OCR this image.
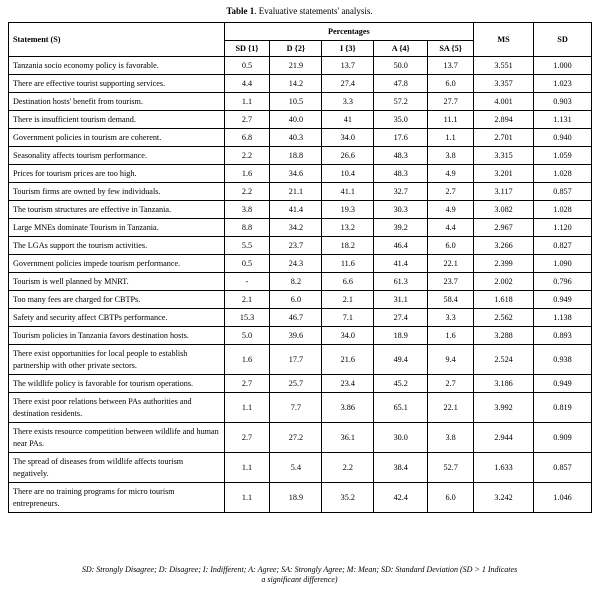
Table 1. Evaluative statements' analysis.
Statement (S)	Percentages					MS	SD
	SD {1}	D {2}	I {3}	A {4}	SA {5}		
Tanzania socio economy policy is favorable.	0.5	21.9	13.7	50.0	13.7	3.551	1.000
There are effective tourist supporting services.	4.4	14.2	27.4	47.8	6.0	3.357	1.023
Destination hosts' benefit from tourism.	1.1	10.5	3.3	57.2	27.7	4.001	0.903
There is insufficient tourism demand.	2.7	40.0	41	35.0	11.1	2.894	1.131
Government policies in tourism are coherent.	6.8	40.3	34.0	17.6	1.1	2.701	0.940
Seasonality affects tourism performance.	2.2	18.8	26.6	48.3	3.8	3.315	1.059
Prices for tourism prices are too high.	1.6	34.6	10.4	48.3	4.9	3.201	1.028
Tourism firms are owned by few individuals.	2.2	21.1	41.1	32.7	2.7	3.117	0.857
The tourism structures are effective in Tanzania.	3.8	41.4	19.3	30.3	4.9	3.082	1.028
Large MNEs dominate Tourism in Tanzania.	8.8	34.2	13.2	39.2	4.4	2.967	1.120
The LGAs support the tourism activities.	5.5	23.7	18.2	46.4	6.0	3.266	0.827
Government policies impede tourism performance.	0.5	24.3	11.6	41.4	22.1	2.399	1.090
Tourism is well planned by MNRT.	-	8.2	6.6	61.3	23.7	2.002	0.796
Too many fees are charged for CBTPs.	2.1	6.0	2.1	31.1	58.4	1.618	0.949
Safety and security affect CBTPs performance.	15.3	46.7	7.1	27.4	3.3	2.562	1.138
Tourism policies in Tanzania favors destination hosts.	5.0	39.6	34.0	18.9	1.6	3.288	0.893
There exist opportunities for local people to establish partnership with other private sectors.	1.6	17.7	21.6	49.4	9.4	2.524	0.938
The wildlife policy is favorable for tourism operations.	2.7	25.7	23.4	45.2	2.7	3.186	0.949
There exist poor relations between PAs authorities and destination residents.	1.1	7.7	3.86	65.1	22.1	3.992	0.819
There exists resource competition between wildlife and human near PAs.	2.7	27.2	36.1	30.0	3.8	2.944	0.909
The spread of diseases from wildlife affects tourism negatively.	1.1	5.4	2.2	38.4	52.7	1.633	0.857
There are no training programs for micro tourism entrepreneurs.	1.1	18.9	35.2	42.4	6.0	3.242	1.046
SD: Strongly Disagree; D: Disagree; I: Indifferent; A: Agree; SA: Strongly Agree; M: Mean; SD: Standard Deviation (SD > 1 Indicates
a significant difference)
